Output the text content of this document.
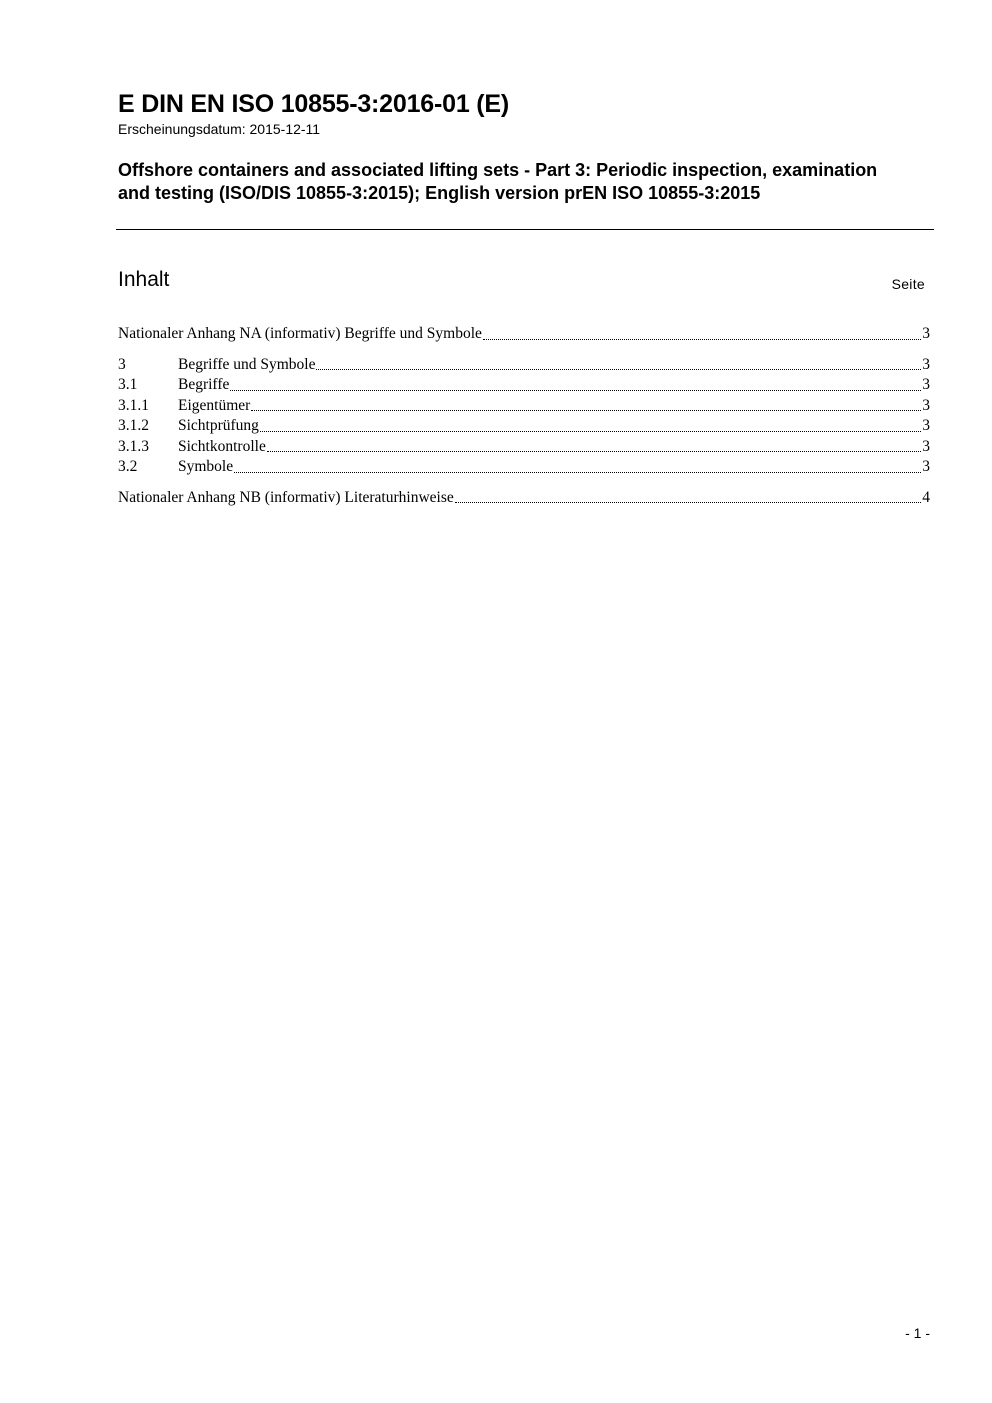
E DIN EN ISO 10855-3:2016-01 (E)
Erscheinungsdatum: 2015-12-11
Offshore containers and associated lifting sets - Part 3: Periodic inspection, examination and testing (ISO/DIS 10855-3:2015); English version prEN ISO 10855-3:2015
Inhalt	Seite
Nationaler Anhang NA (informativ) Begriffe und Symbole	3
3	Begriffe und Symbole	3
3.1	Begriffe	3
3.1.1	Eigentümer	3
3.1.2	Sichtprüfung	3
3.1.3	Sichtkontrolle	3
3.2	Symbole	3
Nationaler Anhang NB (informativ) Literaturhinweise	4
- 1 -
